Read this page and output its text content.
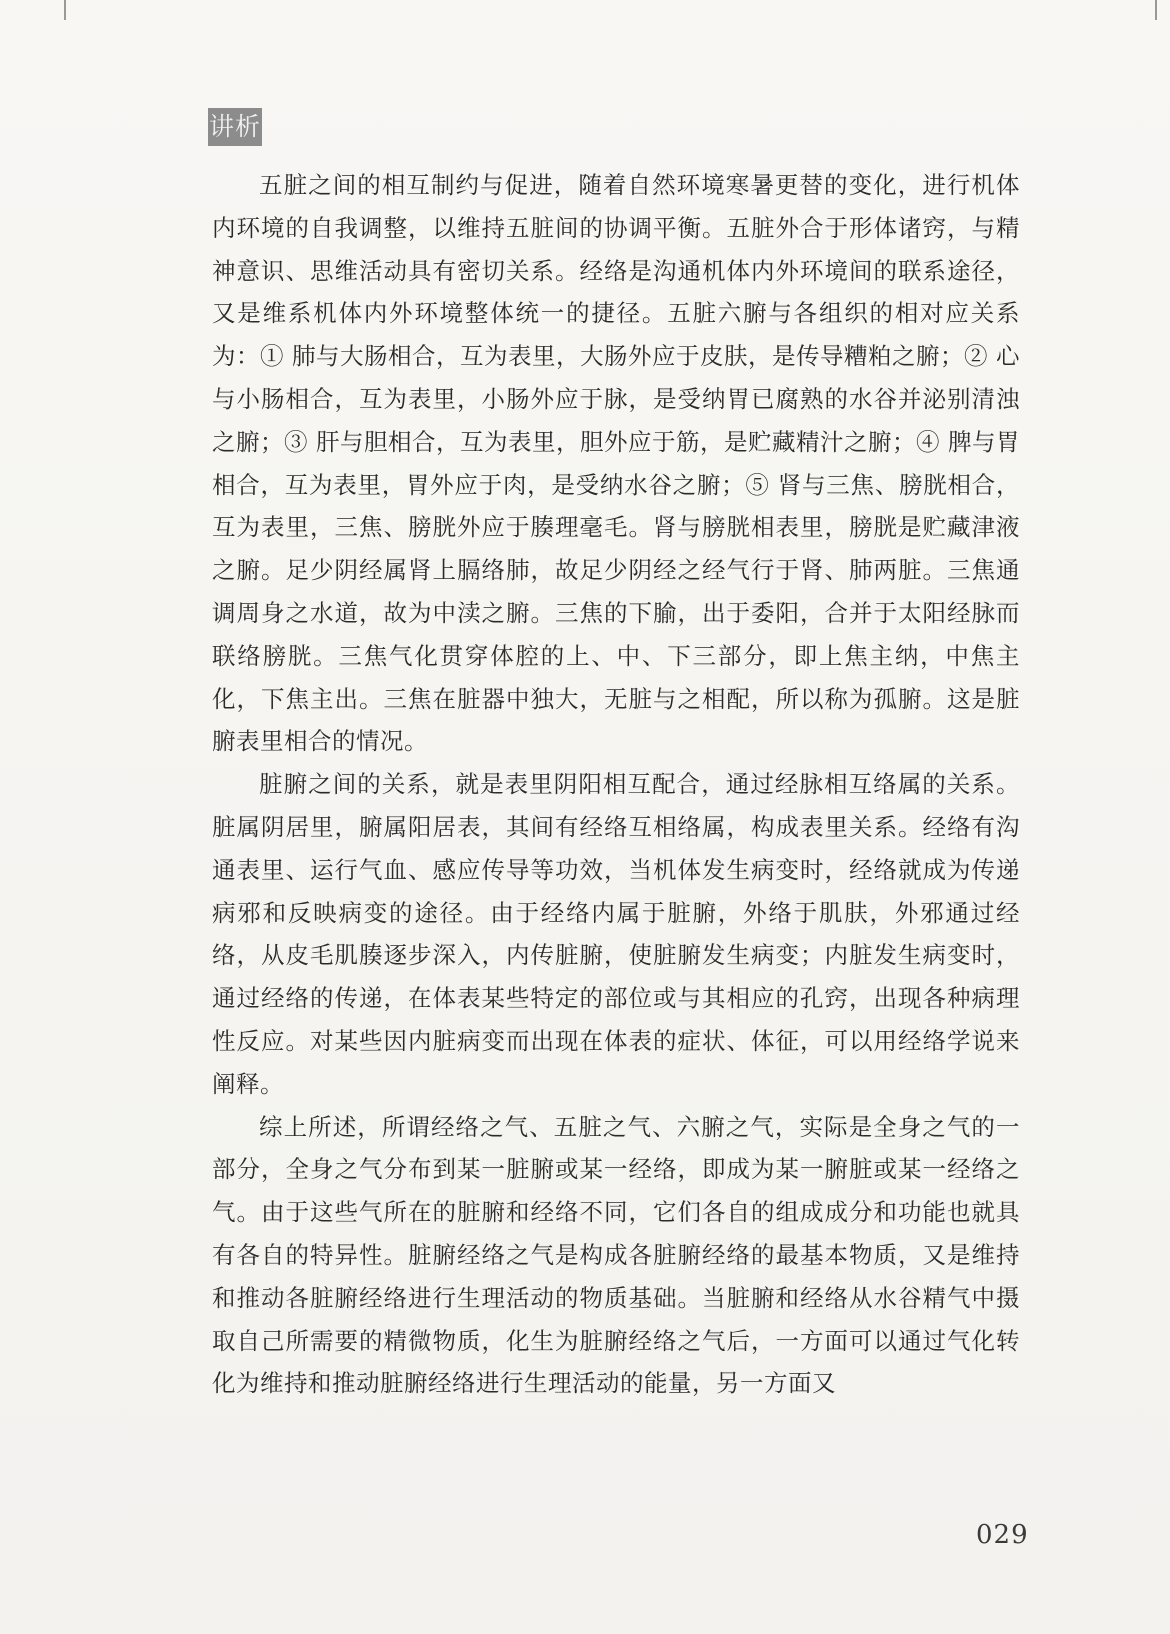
讲析

五脏之间的相互制约与促进，随着自然环境寒暑更替的变化，进行机体内环境的自我调整，以维持五脏间的协调平衡。五脏外合于形体诸窍，与精神意识、思维活动具有密切关系。经络是沟通机体内外环境间的联系途径，又是维系机体内外环境整体统一的捷径。五脏六腑与各组织的相对应关系为：① 肺与大肠相合，互为表里，大肠外应于皮肤，是传导糟粕之腑；② 心与小肠相合，互为表里，小肠外应于脉，是受纳胃已腐熟的水谷并泌别清浊之腑；③ 肝与胆相合，互为表里，胆外应于筋，是贮藏精汁之腑；④ 脾与胃相合，互为表里，胃外应于肉，是受纳水谷之腑；⑤ 肾与三焦、膀胱相合，互为表里，三焦、膀胱外应于腠理毫毛。肾与膀胱相表里，膀胱是贮藏津液之腑。足少阴经属肾上膈络肺，故足少阴经之经气行于肾、肺两脏。三焦通调周身之水道，故为中渎之腑。三焦的下腧，出于委阳，合并于太阳经脉而联络膀胱。三焦气化贯穿体腔的上、中、下三部分，即上焦主纳，中焦主化，下焦主出。三焦在脏器中独大，无脏与之相配，所以称为孤腑。这是脏腑表里相合的情况。

脏腑之间的关系，就是表里阴阳相互配合，通过经脉相互络属的关系。脏属阴居里，腑属阳居表，其间有经络互相络属，构成表里关系。经络有沟通表里、运行气血、感应传导等功效，当机体发生病变时，经络就成为传递病邪和反映病变的途径。由于经络内属于脏腑，外络于肌肤，外邪通过经络，从皮毛肌腠逐步深入，内传脏腑，使脏腑发生病变；内脏发生病变时，通过经络的传递，在体表某些特定的部位或与其相应的孔窍，出现各种病理性反应。对某些因内脏病变而出现在体表的症状、体征，可以用经络学说来阐释。

综上所述，所谓经络之气、五脏之气、六腑之气，实际是全身之气的一部分，全身之气分布到某一脏腑或某一经络，即成为某一腑脏或某一经络之气。由于这些气所在的脏腑和经络不同，它们各自的组成成分和功能也就具有各自的特异性。脏腑经络之气是构成各脏腑经络的最基本物质，又是维持和推动各脏腑经络进行生理活动的物质基础。当脏腑和经络从水谷精气中摄取自己所需要的精微物质，化生为脏腑经络之气后，一方面可以通过气化转化为维持和推动脏腑经络进行生理活动的能量，另一方面又

029
